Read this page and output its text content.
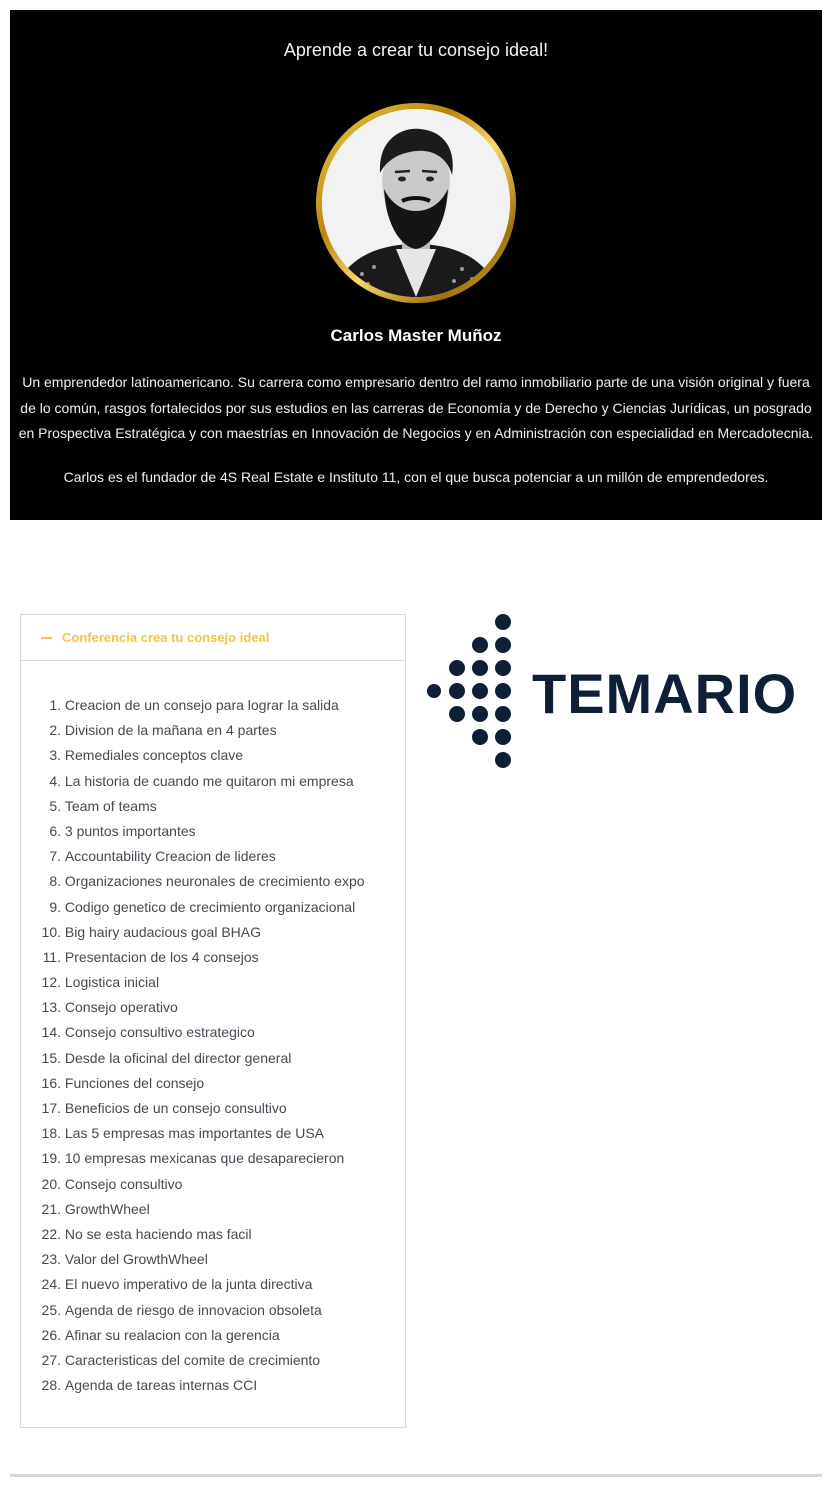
Aprende a crear tu consejo ideal!
Carlos Master Muñoz

Un emprendedor latinoamericano. Su carrera como empresario dentro del ramo inmobiliario parte de una visión original y fuera de lo común, rasgos fortalecidos por sus estudios en las carreras de Economía y de Derecho y Ciencias Jurídicas, un posgrado en Prospectiva Estratégica y con maestrías en Innovación de Negocios y en Administración con especialidad en Mercadotecnia.

Carlos es el fundador de 4S Real Estate e Instituto 11, con el que busca potenciar a un millón de emprendedores.

Conferencia crea tu consejo ideal
1.
Creacion de un consejo para lograr la salida
2.
Division de la mañana en 4 partes
3.
Remediales conceptos clave
4.
La historia de cuando me quitaron mi empresa
5.
Team of teams
6.
3 puntos importantes
7.
Accountability Creacion de lideres
8.
Organizaciones neuronales de crecimiento expo
9.
Codigo genetico de crecimiento organizacional
10.
Big hairy audacious goal BHAG
11.
Presentacion de los 4 consejos
12.
Logistica inicial
13.
Consejo operativo
14.
Consejo consultivo estrategico
15.
Desde la oficinal del director general
16.
Funciones del consejo
17.
Beneficios de un consejo consultivo
18.
Las 5 empresas mas importantes de USA
19.
10 empresas mexicanas que desaparecieron
20.
Consejo consultivo
21.
GrowthWheel
22.
No se esta haciendo mas facil
23.
Valor del GrowthWheel
24.
El nuevo imperativo de la junta directiva
25.
Agenda de riesgo de innovacion obsoleta
26.
Afinar su realacion con la gerencia
27.
Caracteristicas del comite de crecimiento
28.
Agenda de tareas internas CCI
TEMARIO
